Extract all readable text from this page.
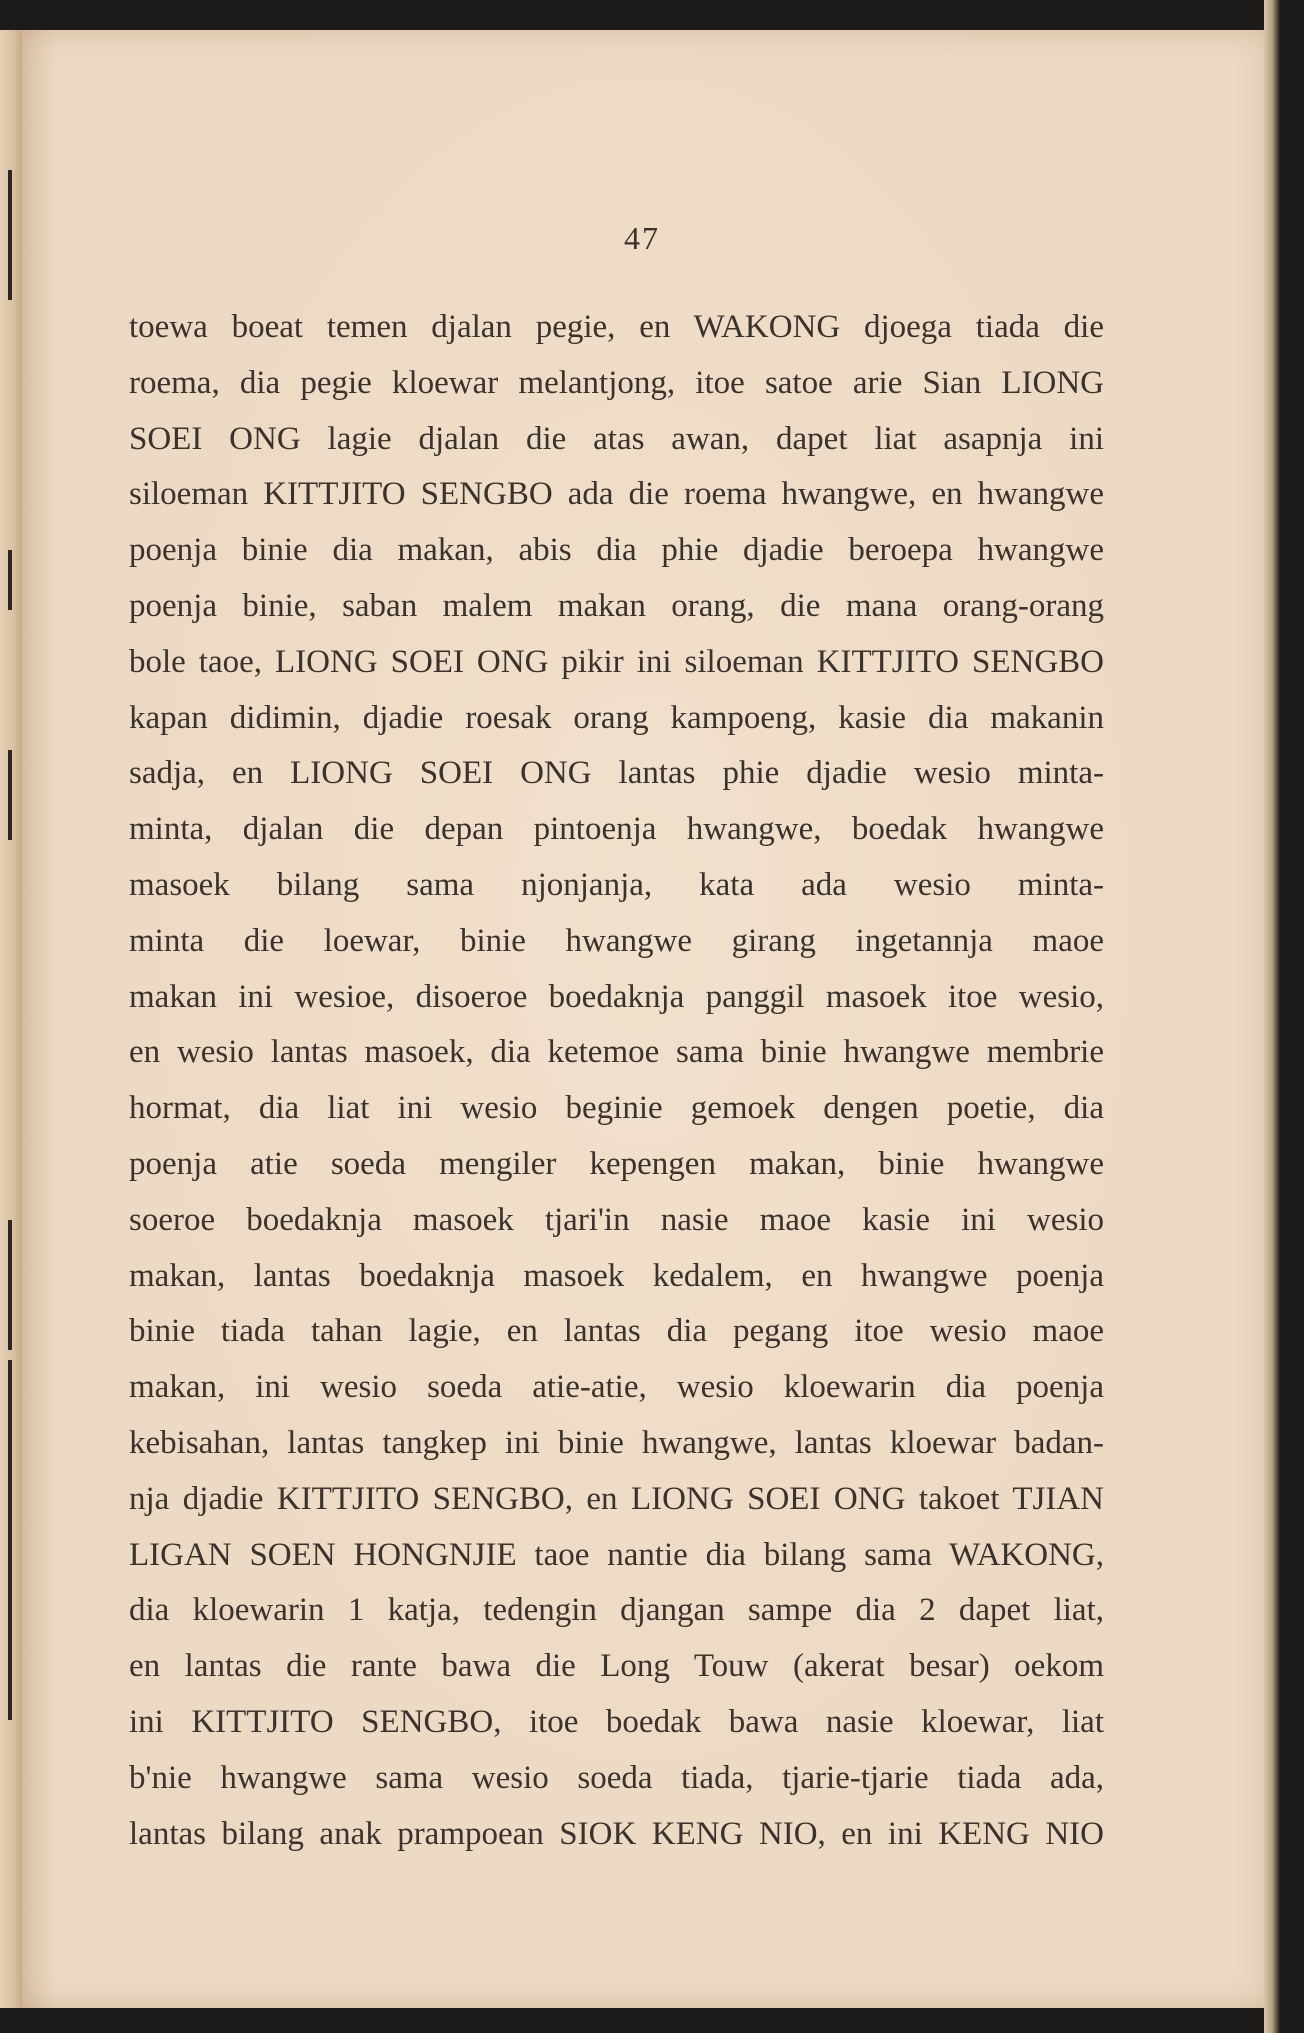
47
toewa boeat temen djalan pegie, en WAKONG djoega tiada die
roema, dia pegie kloewar melantjong, itoe satoe arie Sian LIONG
SOEI ONG lagie djalan die atas awan, dapet liat asapnja ini
siloeman KITTJITO SENGBO ada die roema hwangwe, en hwangwe
poenja binie dia makan, abis dia phie djadie beroepa hwangwe
poenja binie, saban malem makan orang, die mana orang-orang
bole taoe, LIONG SOEI ONG pikir ini siloeman KITTJITO SENGBO
kapan didimin, djadie roesak orang kampoeng, kasie dia makanin
sadja, en LIONG SOEI ONG lantas phie djadie wesio minta-
minta, djalan die depan pintoenja hwangwe, boedak hwangwe
masoek bilang sama njonjanja, kata ada wesio minta-
minta die loewar, binie hwangwe girang ingetannja maoe
makan ini wesioe, disoeroe boedaknja panggil masoek itoe wesio,
en wesio lantas masoek, dia ketemoe sama binie hwangwe membrie
hormat, dia liat ini wesio beginie gemoek dengen poetie, dia
poenja atie soeda mengiler kepengen makan, binie hwangwe
soeroe boedaknja masoek tjari'in nasie maoe kasie ini wesio
makan, lantas boedaknja masoek kedalem, en hwangwe poenja
binie tiada tahan lagie, en lantas dia pegang itoe wesio maoe
makan, ini wesio soeda atie-atie, wesio kloewarin dia poenja
kebisahan, lantas tangkep ini binie hwangwe, lantas kloewar badan-
nja djadie KITTJITO SENGBO, en LIONG SOEI ONG takoet TJIAN
LIGAN SOEN HONGNJIE taoe nantie dia bilang sama WAKONG,
dia kloewarin 1 katja, tedengin djangan sampe dia 2 dapet liat,
en lantas die rante bawa die Long Touw (akerat besar) oekom
ini KITTJITO SENGBO, itoe boedak bawa nasie kloewar, liat
b'nie hwangwe sama wesio soeda tiada, tjarie-tjarie tiada ada,
lantas bilang anak prampoean SIOK KENG NIO, en ini KENG NIO
